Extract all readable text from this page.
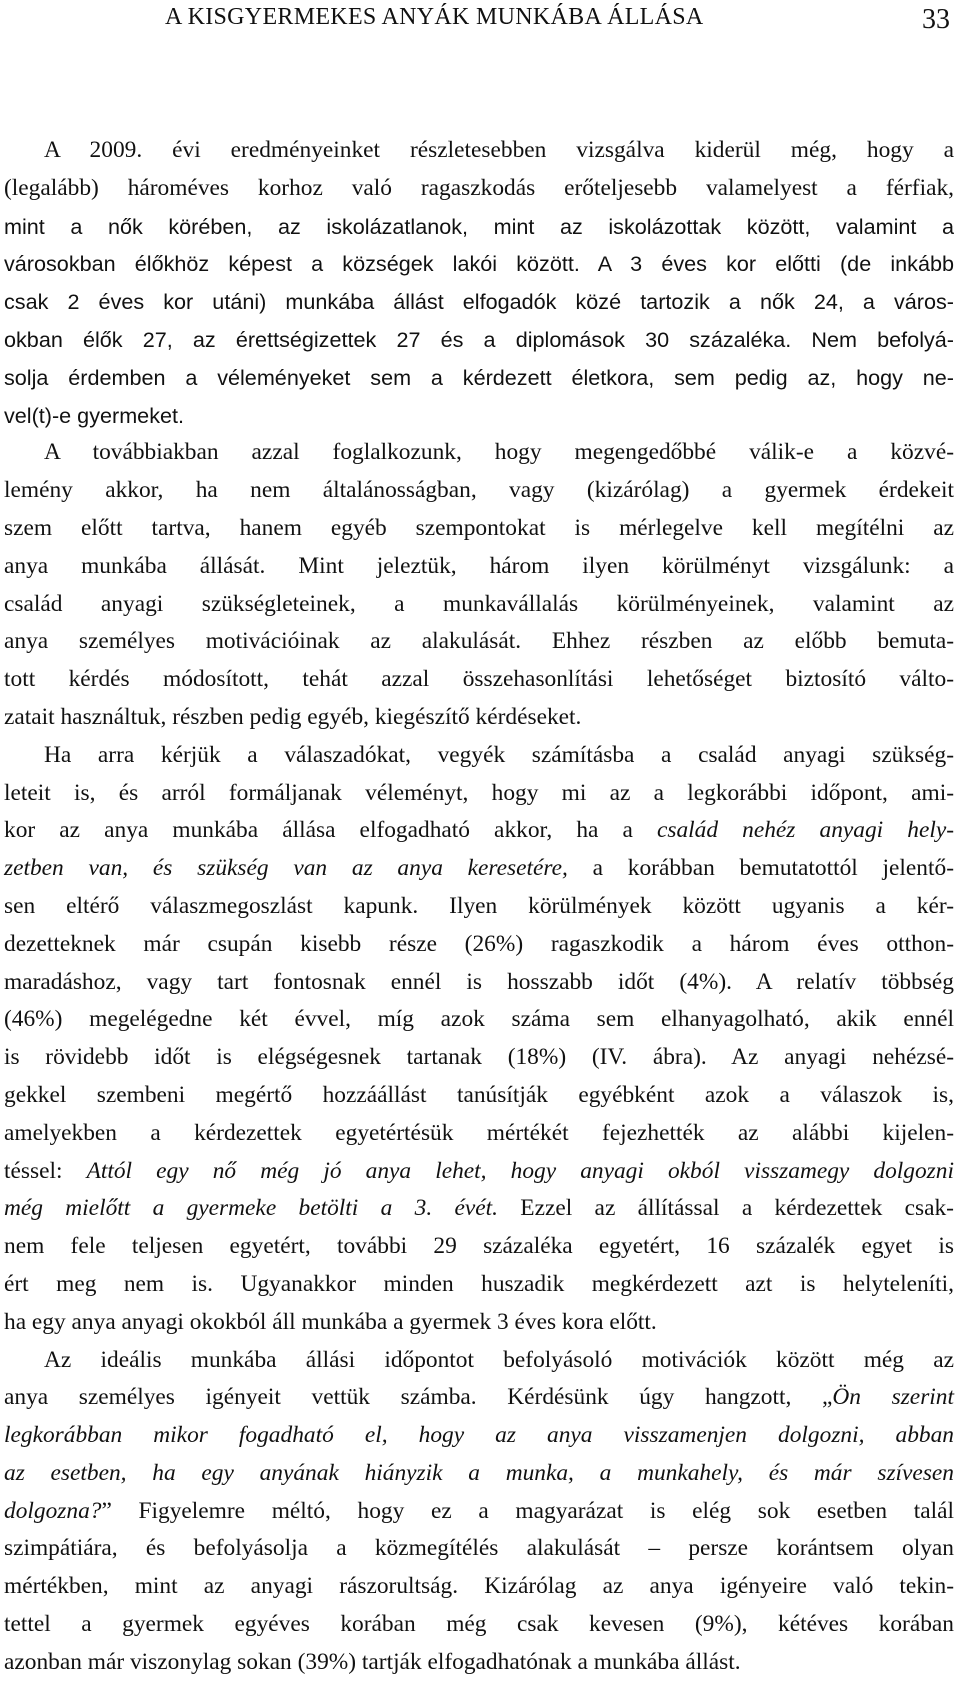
A KISGYERMEKES ANYÁK MUNKÁBA ÁLLÁSA	33
A 2009. évi eredményeinket részletesebben vizsgálva kiderül még, hogy a
(legalább) hároméves korhoz való ragaszkodás erőteljesebb valamelyest a férfiak,
mint a nők körében, az iskolázatlanok, mint az iskolázottak között, valamint a
városokban élőkhöz képest a községek lakói között. A 3 éves kor előtti (de inkább
csak 2 éves kor utáni) munkába állást elfogadók közé tartozik a nők 24, a város-
okban élők 27, az érettségizettek 27 és a diplomások 30 százaléka. Nem befolyá-
solja érdemben a véleményeket sem a kérdezett életkora, sem pedig az, hogy ne-
vel(t)-e gyermeket.
A továbbiakban azzal foglalkozunk, hogy megengedőbbé válik-e a közvé-
lemény akkor, ha nem általánosságban, vagy (kizárólag) a gyermek érdekeit
szem előtt tartva, hanem egyéb szempontokat is mérlegelve kell megítélni az
anya munkába állását. Mint jeleztük, három ilyen körülményt vizsgálunk: a
család anyagi szükségleteinek, a munkavállalás körülményeinek, valamint az
anya személyes motivációinak az alakulását. Ehhez részben az előbb bemuta-
tott kérdés módosított, tehát azzal összehasonlítási lehetőséget biztosító válto-
zatait használtuk, részben pedig egyéb, kiegészítő kérdéseket.
Ha arra kérjük a válaszadókat, vegyék számításba a család anyagi szükség-
leteit is, és arról formáljanak véleményt, hogy mi az a legkorábbi időpont, ami-
kor az anya munkába állása elfogadható akkor, ha a család nehéz anyagi hely-
zetben van, és szükség van az anya keresetére, a korábban bemutatottól jelentő-
sen eltérő válaszmegoszlást kapunk. Ilyen körülmények között ugyanis a kér-
dezetteknek már csupán kisebb része (26%) ragaszkodik a három éves otthon-
maradáshoz, vagy tart fontosnak ennél is hosszabb időt (4%). A relatív többség
(46%) megelégedne két évvel, míg azok száma sem elhanyagolható, akik ennél
is rövidebb időt is elégségesnek tartanak (18%) (IV. ábra). Az anyagi nehézsé-
gekkel szembeni megértő hozzáállást tanúsítják egyébként azok a válaszok is,
amelyekben a kérdezettek egyetértésük mértékét fejezhették az alábbi kijelen-
téssel: Attól egy nő még jó anya lehet, hogy anyagi okból visszamegy dolgozni
még mielőtt a gyermeke betölti a 3. évét. Ezzel az állítással a kérdezettek csak-
nem fele teljesen egyetért, további 29 százaléka egyetért, 16 százalék egyet is
ért meg nem is. Ugyanakkor minden huszadik megkérdezett azt is helyteleníti,
ha egy anya anyagi okokból áll munkába a gyermek 3 éves kora előtt.
Az ideális munkába állási időpontot befolyásoló motivációk között még az
anya személyes igényeit vettük számba. Kérdésünk úgy hangzott, „Ön szerint
legkorábban mikor fogadható el, hogy az anya visszamenjen dolgozni, abban
az esetben, ha egy anyának hiányzik a munka, a munkahely, és már szívesen
dolgozna?” Figyelemre méltó, hogy ez a magyarázat is elég sok esetben talál
szimpátiára, és befolyásolja a közmegítélés alakulását – persze korántsem olyan
mértékben, mint az anyagi rászorultság. Kizárólag az anya igényeire való tekin-
tettel a gyermek egyéves korában még csak kevesen (9%), kétéves korában
azonban már viszonylag sokan (39%) tartják elfogadhatónak a munkába állást.
